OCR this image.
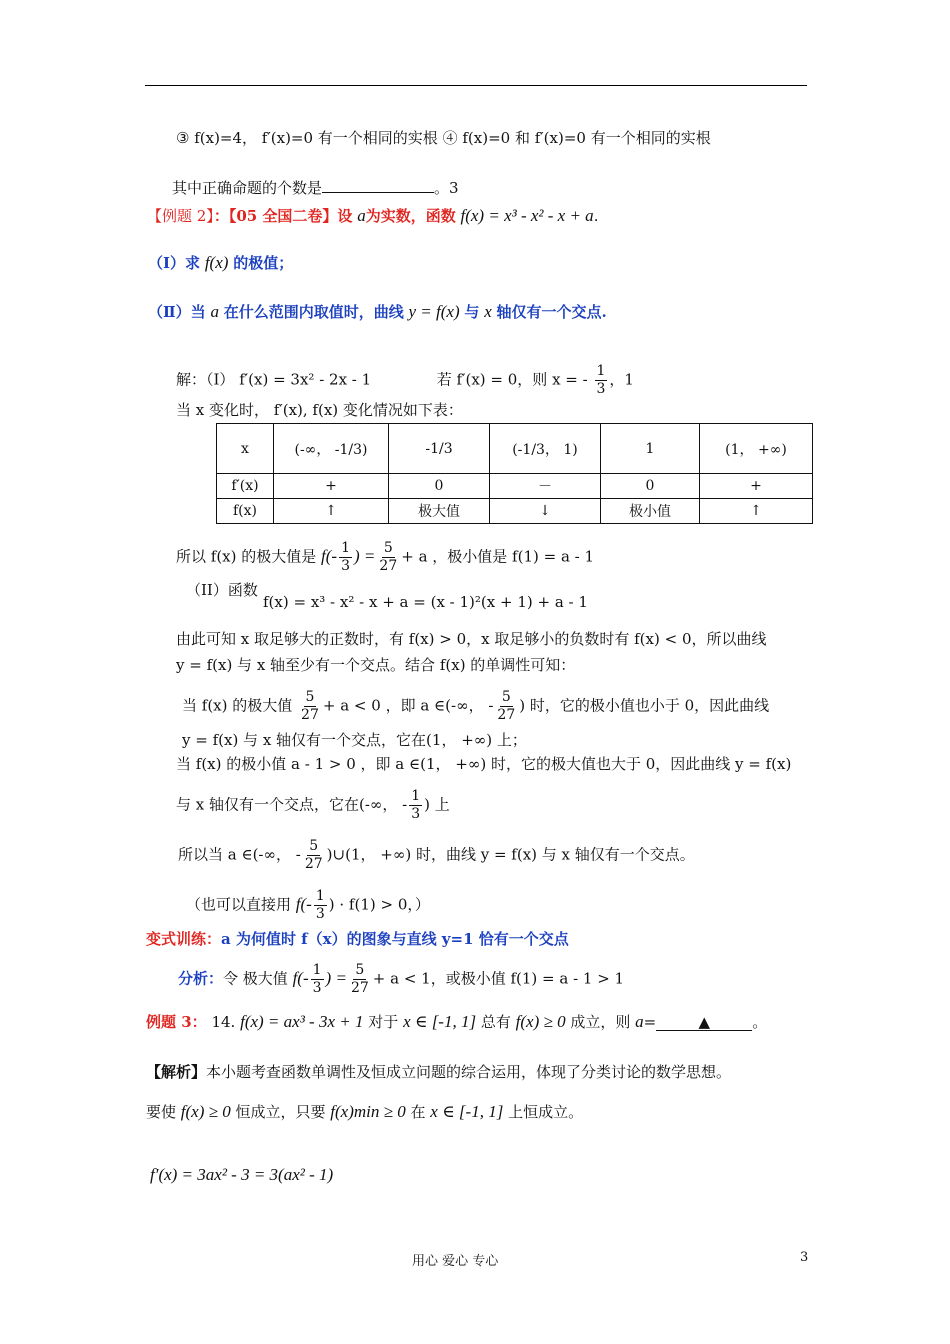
③ f(x)=4， f′(x)=0 有一个相同的实根 ④ f(x)=0 和 f′(x)=0 有一个相同的实根
其中正确命题的个数是	。3
【例题 2】：【05 全国二卷】设 a为实数，函数 f(x) = x³ - x² - x + a.
（Ⅰ）求 f(x) 的极值；
（Ⅱ）当 a 在什么范围内取值时，曲线 y = f(x) 与 x 轴仅有一个交点.
解：（Ⅰ） f′(x) = 3x² - 2x - 1	若 f′(x) = 0，则 x = - $\frac{1}{3}$ ，1
当 x 变化时， f′(x), f(x) 变化情况如下表：
x	(-∞， -1/3)	-1/3	(-1/3， 1)	1	(1， +∞)
f′(x)	+	0	－	0	+
f(x)	↑	极大值	↓	极小值	↑
所以 f(x) 的极大值是 $f(- \frac{1}{3}$ ) = $\frac{5}{27} + a$ ，极小值是 f(1) = a - 1
（II）函数
f(x) = x³ - x² - x + a = (x - 1)²(x + 1) + a - 1
由此可知 x 取足够大的正数时，有 f(x) > 0，x 取足够小的负数时有 f(x) < 0，所以曲线
y = f(x) 与 x 轴至少有一个交点。结合 f(x) 的单调性可知：
当 f(x) 的极大值 $\frac{5}{27} + a < 0$ ，即 a ∈(-∞， - $\frac{5}{27}$ ) 时，它的极小值也小于 0，因此曲线
y = f(x) 与 x 轴仅有一个交点，它在(1， +∞) 上；
当 f(x) 的极小值 a - 1 > 0 ，即 a ∈(1， +∞) 时，它的极大值也大于 0，因此曲线 y = f(x)
与 x 轴仅有一个交点，它在(-∞， - $\frac{1}{3}$ ) 上
所以当 a ∈(-∞， - $\frac{5}{27}$ )∪(1， +∞) 时，曲线 y = f(x) 与 x 轴仅有一个交点。
（也可以直接用 $f(- \frac{1}{3}$ ) · f(1) > 0，）
变式训练：a 为何值时 f（x）的图象与直线 y=1 恰有一个交点
分析：令 极大值 $f(- \frac{1}{3}$ ) = $\frac{5}{27} + a < 1$，或极小值 f(1) = a - 1 > 1
例题 3： 14. f(x) = ax³ - 3x + 1 对于 x ∈ [-1, 1] 总有 f(x) ≥ 0 成立，则 a=	▲	。
【解析】本小题考查函数单调性及恒成立问题的综合运用，体现了分类讨论的数学思想。
要使 f(x) ≥ 0 恒成立，只要 f(x)min ≥ 0 在 x ∈ [-1, 1] 上恒成立。
f′(x) = 3ax² - 3 = 3(ax² - 1)
用心 爱心 专心	3
